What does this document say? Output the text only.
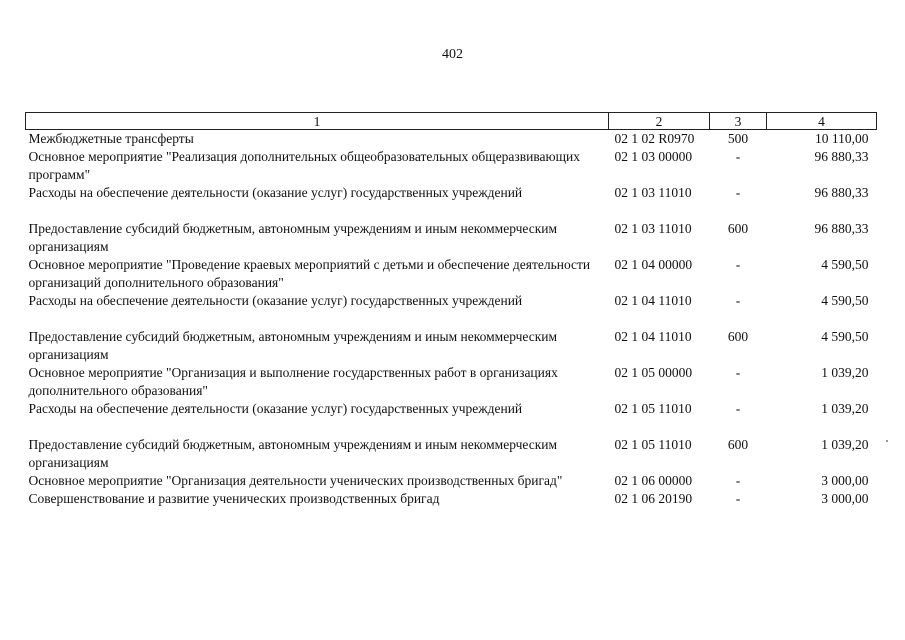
402
1	2	3	4
Межбюджетные трансферты	02 1 02 R0970	500	10 110,00
Основное мероприятие "Реализация дополнительных общеобразовательных общеразвивающих программ"	02 1 03 00000	-	96 880,33
Расходы на обеспечение деятельности (оказание услуг) государственных учреждений	02 1 03 11010	-	96 880,33
Предоставление субсидий бюджетным, автономным учреждениям и иным некоммерческим организациям	02 1 03 11010	600	96 880,33
Основное мероприятие "Проведение краевых мероприятий с детьми и обеспечение деятельности организаций дополнительного образования"	02 1 04 00000	-	4 590,50
Расходы на обеспечение деятельности (оказание услуг) государственных учреждений	02 1 04 11010	-	4 590,50
Предоставление субсидий бюджетным, автономным учреждениям и иным некоммерческим организациям	02 1 04 11010	600	4 590,50
Основное мероприятие "Организация и выполнение государственных работ в организациях дополнительного образования"	02 1 05 00000	-	1 039,20
Расходы на обеспечение деятельности (оказание услуг) государственных учреждений	02 1 05 11010	-	1 039,20
Предоставление субсидий бюджетным, автономным учреждениям и иным некоммерческим организациям	02 1 05 11010	600	1 039,20
Основное мероприятие "Организация деятельности ученических производственных бригад"	02 1 06 00000	-	3 000,00
Совершенствование и развитие ученических производственных бригад	02 1 06 20190	-	3 000,00
